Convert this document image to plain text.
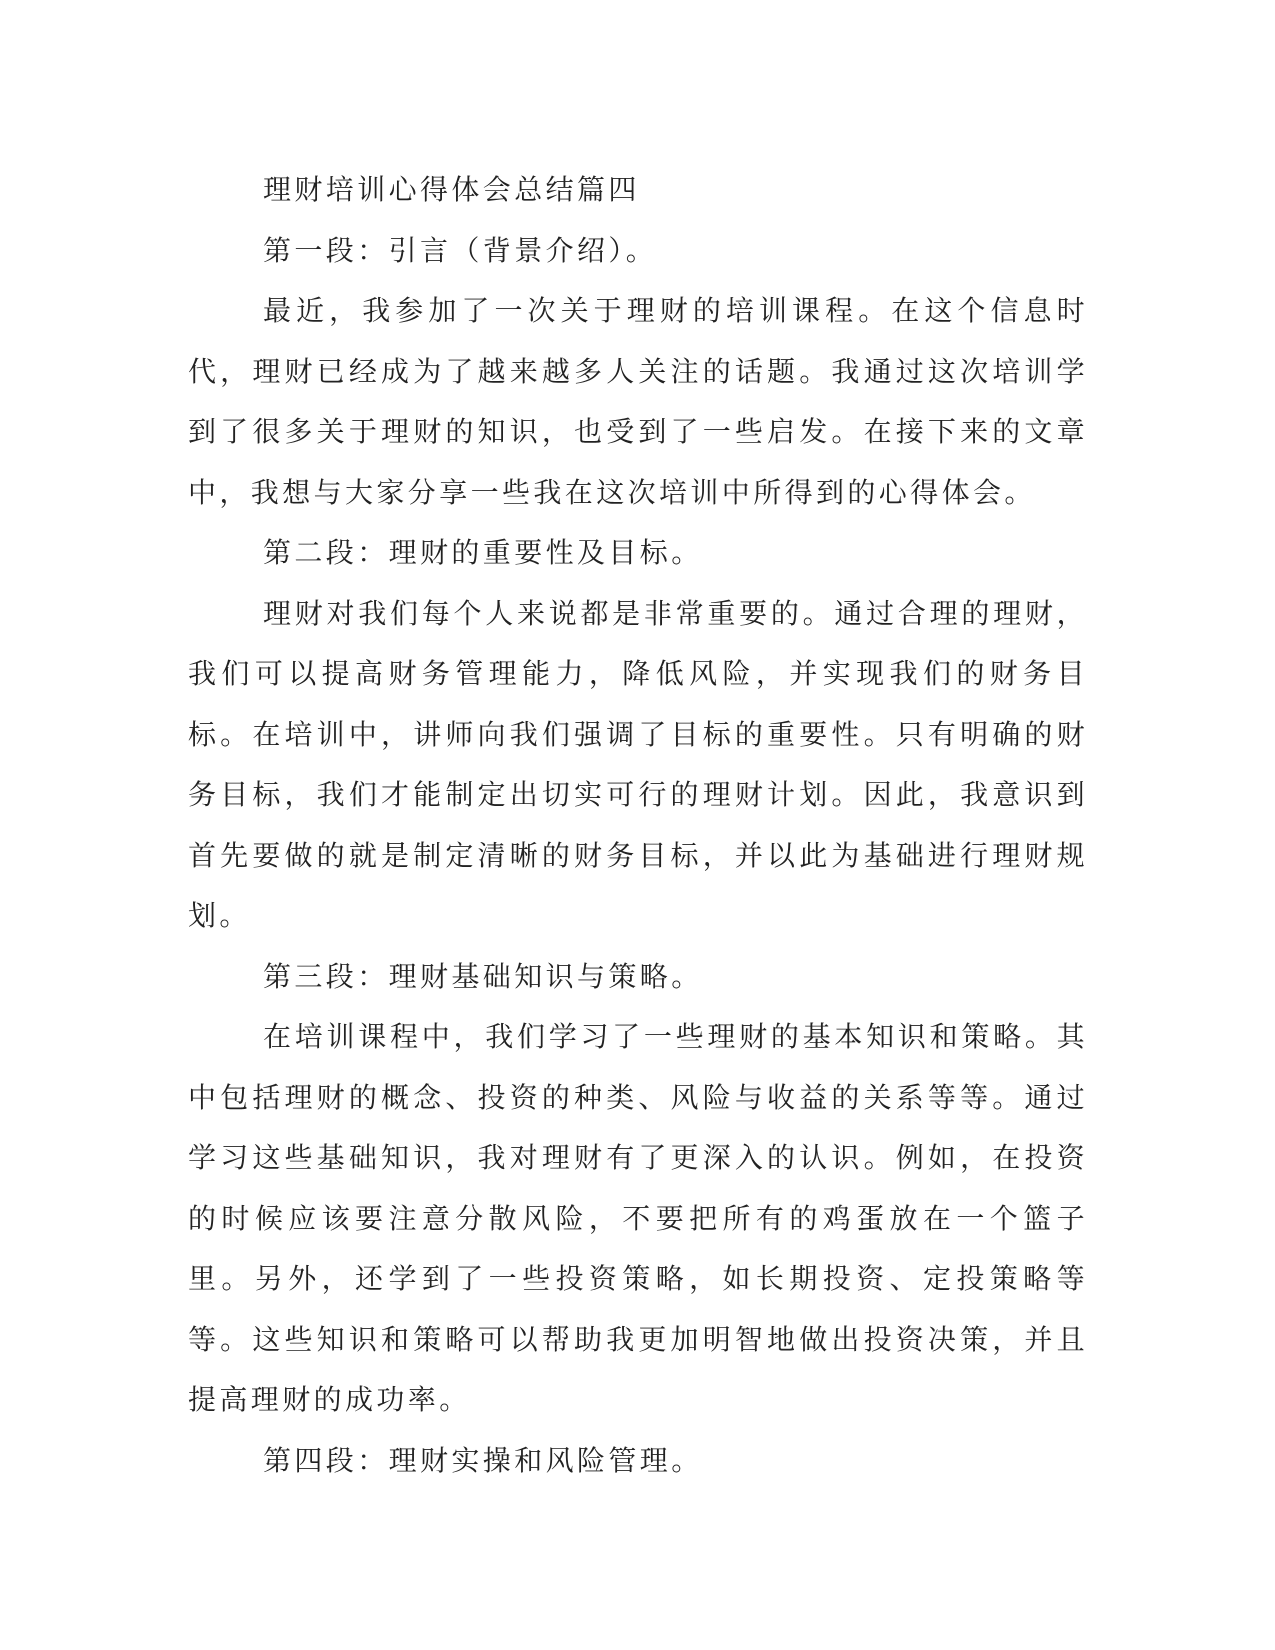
理财培训心得体会总结篇四

第一段：引言（背景介绍）。

最近，我参加了一次关于理财的培训课程。在这个信息时代，理财已经成为了越来越多人关注的话题。我通过这次培训学到了很多关于理财的知识，也受到了一些启发。在接下来的文章中，我想与大家分享一些我在这次培训中所得到的心得体会。

第二段：理财的重要性及目标。

理财对我们每个人来说都是非常重要的。通过合理的理财，我们可以提高财务管理能力，降低风险，并实现我们的财务目标。在培训中，讲师向我们强调了目标的重要性。只有明确的财务目标，我们才能制定出切实可行的理财计划。因此，我意识到首先要做的就是制定清晰的财务目标，并以此为基础进行理财规划。

第三段：理财基础知识与策略。

在培训课程中，我们学习了一些理财的基本知识和策略。其中包括理财的概念、投资的种类、风险与收益的关系等等。通过学习这些基础知识，我对理财有了更深入的认识。例如，在投资的时候应该要注意分散风险，不要把所有的鸡蛋放在一个篮子里。另外，还学到了一些投资策略，如长期投资、定投策略等等。这些知识和策略可以帮助我更加明智地做出投资决策，并且提高理财的成功率。

第四段：理财实操和风险管理。
